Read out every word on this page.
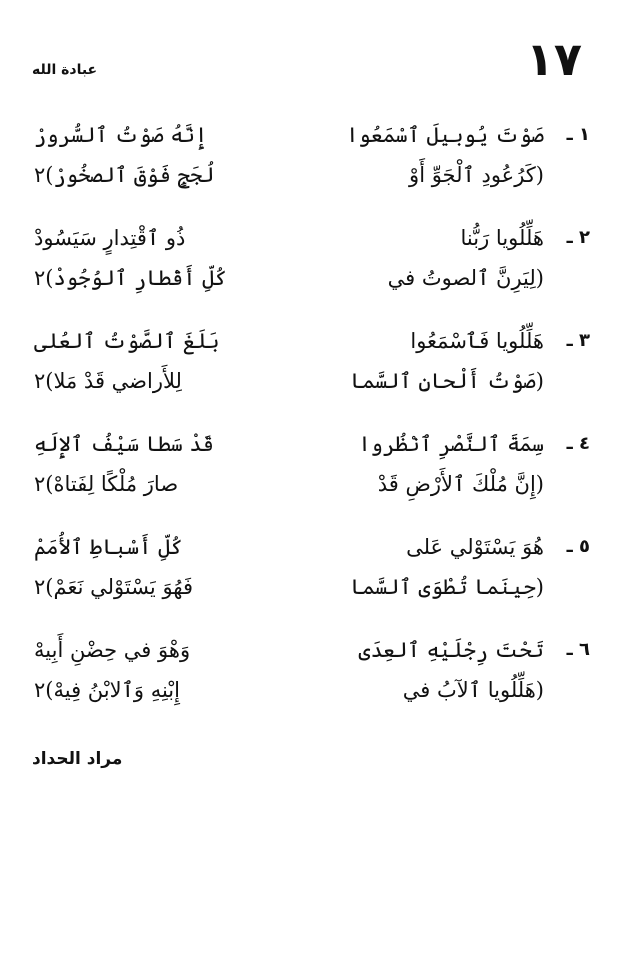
١٧
عبادة الله
١ ـ
صَوْتَ يُوبيلَ ٱسْمَعُوا
إِنَّهُ صَوْتُ ٱلسُّرورْ
(كَرُعُودِ ٱلْجَوِّ أَوْ
لُجَجٍ فَوْقَ ٱلصخُورْ)٢
٢ ـ
هَلِّلُويا رَبُّنا
ذُو ٱقْتِدارٍ سَيَسُودْ
(لِيَرِنَّ ٱلصوتُ في
كُلِّ أَقْطارِ ٱلوُجُودْ)٢
٣ ـ
هَلِّلُويا فَٱسْمَعُوا
بَلَغَ ٱلصَّوْتُ ٱلعُلى
(صَوْتُ أَلْحانِ ٱلسَّما
لِلأَراضي قَدْ مَلا)٢
٤ ـ
سِمَةَ ٱلنَّصْرِ ٱنْظُروا
قَدْ سَطا سَيْفُ ٱلإِلَهِ
(إِنَّ مُلْكَ ٱلأَرْضِ قَدْ
صارَ مُلْكًا لِفَتاهْ)٢
٥ ـ
هُوَ يَسْتَوْلي عَلى
كُلِّ أَسْباطِ ٱلأُمَمْ
(حِينَما تُطْوَى ٱلسَّما
فَهُوَ يَسْتَوْلي نَعَمْ)٢
٦ ـ
تَحْتَ رِجْلَيْهِ ٱلعِدَى
وَهْوَ في حِضْنِ أَبِيهْ
(هَلِّلُويا ٱلآبُ في
إِبْنِهِ وَٱلابْنُ فِيهْ)٢
مراد الحداد
